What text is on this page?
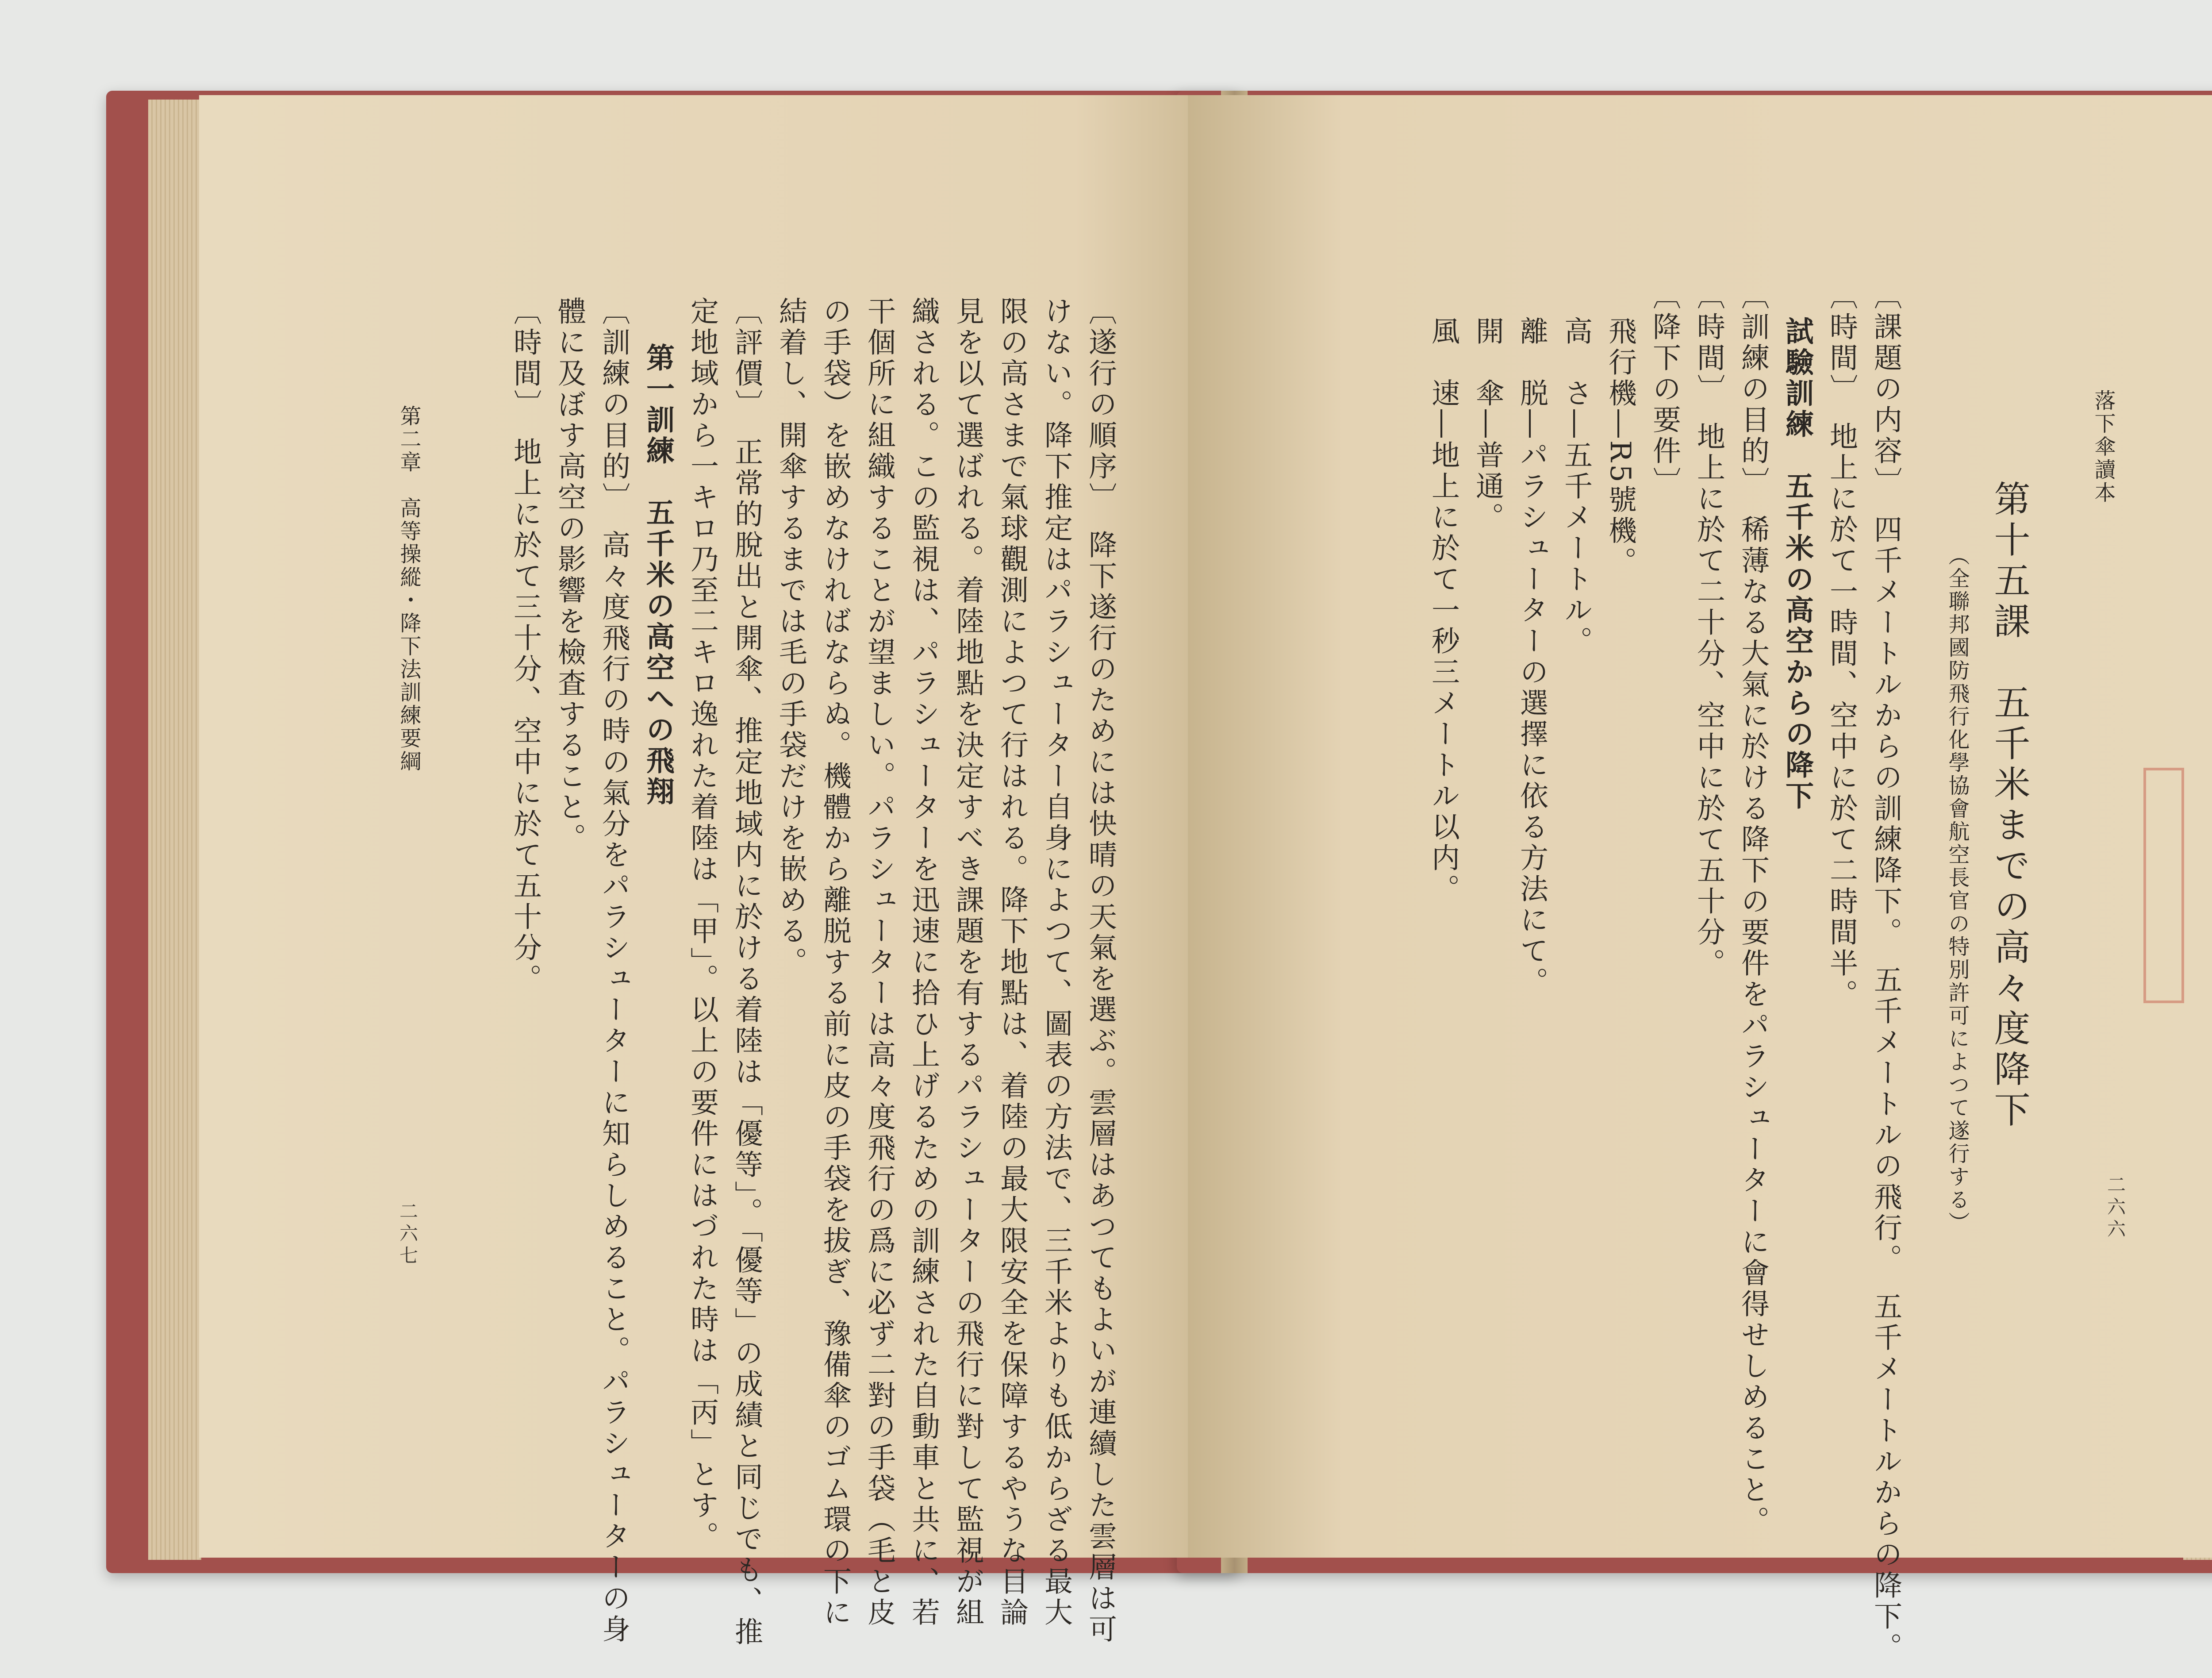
〔遂行の順序〕　降下遂行のためには快晴の天氣を選ぶ。雲層はあつてもよいが連續した雲層は可
けない。降下推定はパラシューター自身によつて、圖表の方法で、三千米よりも低からざる最大
限の高さまで氣球觀測によつて行はれる。降下地點は、着陸の最大限安全を保障するやうな目論
見を以て選ばれる。着陸地點を決定すべき課題を有するパラシューターの飛行に對して監視が組
織される。この監視は、パラシューターを迅速に拾ひ上げるための訓練された自動車と共に、若
干個所に組織することが望ましい。パラシューターは高々度飛行の爲に必ず二對の手袋（毛と皮
の手袋）を嵌めなければならぬ。機體から離脱する前に皮の手袋を拔ぎ、豫備傘のゴム環の下に
結着し、開傘するまでは毛の手袋だけを嵌める。
〔評價〕　正常的脫出と開傘、推定地域内に於ける着陸は「優等」。「優等」の成績と同じでも、推
定地域から一キロ乃至二キロ逸れた着陸は「甲」。以上の要件にはづれた時は「丙」とす。
第一訓練　五千米の高空への飛翔
〔訓練の目的〕　高々度飛行の時の氣分をパラシューターに知らしめること。パラシューターの身
體に及ぼす高空の影響を檢査すること。
〔時間〕　地上に於て三十分、空中に於て五十分。
第二章　高等操縱・降下法訓練要綱
二六七
落下傘讀本
第十五課　五千米までの高々度降下
（全聯邦國防飛行化學協會航空長官の特別許可によつて遂行する）
〔課題の内容〕　四千メートルからの訓練降下。　五千メートルの飛行。　五千メートルからの降下。
〔時間〕　地上に於て一時間、空中に於て二時間半。
試驗訓練　五千米の高空からの降下
〔訓練の目的〕　稀薄なる大氣に於ける降下の要件をパラシューターに會得せしめること。
〔時間〕　地上に於て二十分、空中に於て五十分。
〔降下の要件〕
飛行機―R5號機。
高　さ―五千メートル。
離　脱―パラシューターの選擇に依る方法にて。
開　傘―普通。
風　速―地上に於て一秒三メートル以内。
二六六
